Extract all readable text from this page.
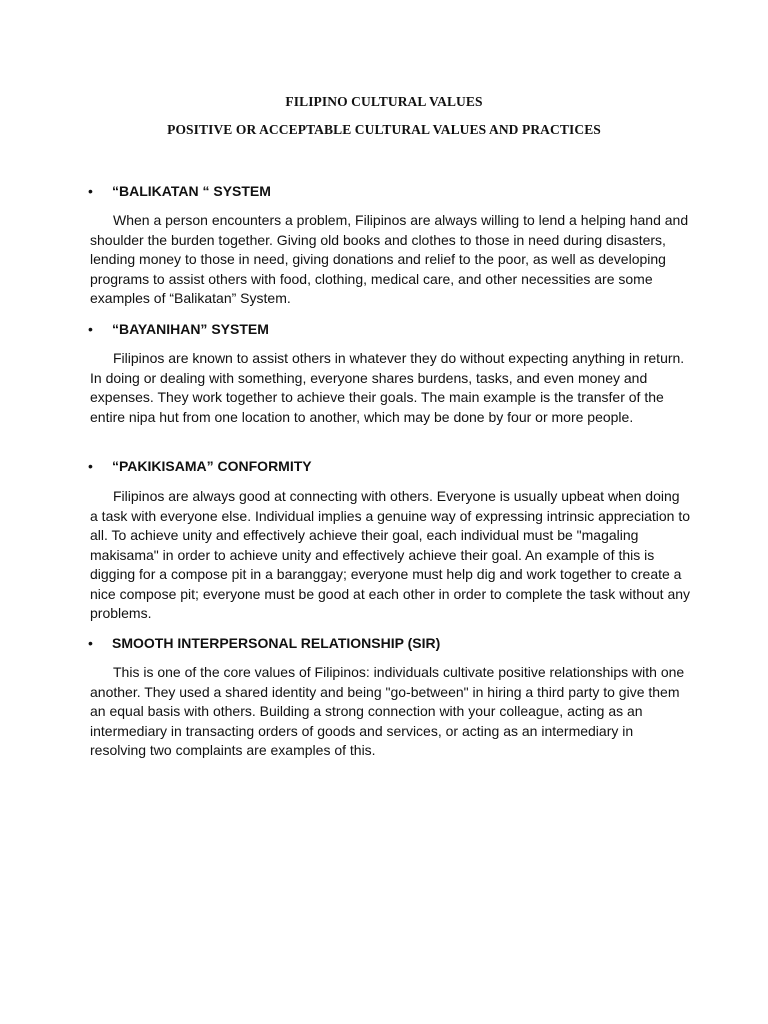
FILIPINO CULTURAL VALUES
POSITIVE OR ACCEPTABLE CULTURAL VALUES AND PRACTICES
• “BALIKATAN “ SYSTEM

When a person encounters a problem, Filipinos are always willing to lend a helping hand and shoulder the burden together. Giving old books and clothes to those in need during disasters, lending money to those in need, giving donations and relief to the poor, as well as developing programs to assist others with food, clothing, medical care, and other necessities are some examples of “Balikatan” System.

• “BAYANIHAN” SYSTEM

Filipinos are known to assist others in whatever they do without expecting anything in return. In doing or dealing with something, everyone shares burdens, tasks, and even money and expenses. They work together to achieve their goals. The main example is the transfer of the entire nipa hut from one location to another, which may be done by four or more people.

• “PAKIKISAMA” CONFORMITY

Filipinos are always good at connecting with others. Everyone is usually upbeat when doing a task with everyone else. Individual implies a genuine way of expressing intrinsic appreciation to all. To achieve unity and effectively achieve their goal, each individual must be "magaling makisama" in order to achieve unity and effectively achieve their goal. An example of this is digging for a compose pit in a baranggay; everyone must help dig and work together to create a nice compose pit; everyone must be good at each other in order to complete the task without any problems.

• SMOOTH INTERPERSONAL RELATIONSHIP (SIR)

This is one of the core values of Filipinos: individuals cultivate positive relationships with one another. They used a shared identity and being "go-between" in hiring a third party to give them an equal basis with others. Building a strong connection with your colleague, acting as an intermediary in transacting orders of goods and services, or acting as an intermediary in resolving two complaints are examples of this.
